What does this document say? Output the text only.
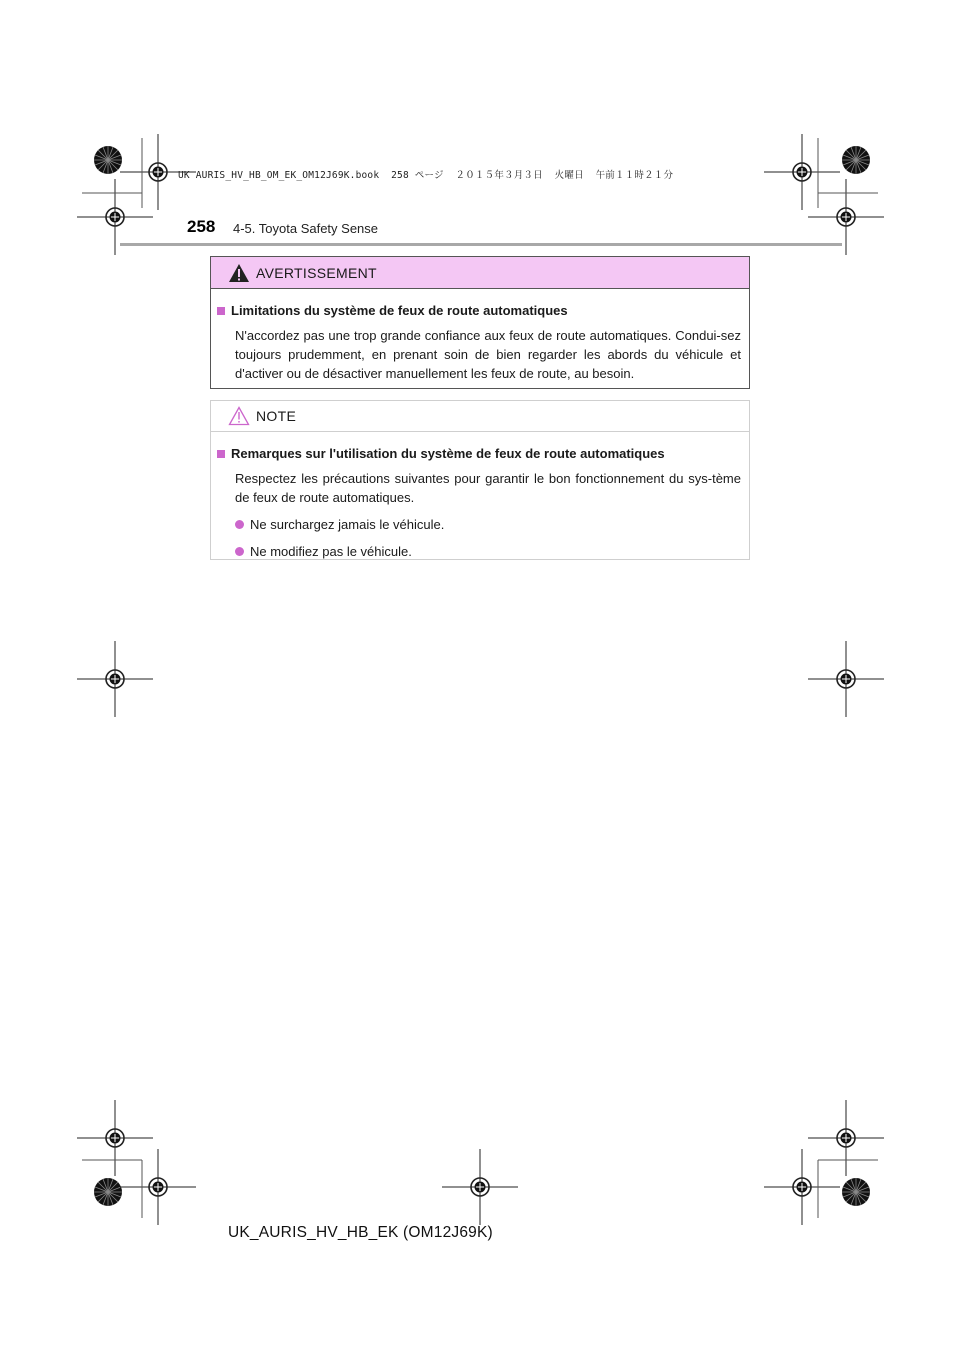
UK AURIS_HV_HB_OM_EK_OM12J69K.book  258 ページ  ２０１５年３月３日  火曜日  午前１１時２１分
258 4-5. Toyota Safety Sense
AVERTISSEMENT
Limitations du système de feux de route automatiques
N'accordez pas une trop grande confiance aux feux de route automatiques. Condui-sez toujours prudemment, en prenant soin de bien regarder les abords du véhicule et d'activer ou de désactiver manuellement les feux de route, au besoin.
NOTE
Remarques sur l'utilisation du système de feux de route automatiques
Respectez les précautions suivantes pour garantir le bon fonctionnement du sys-tème de feux de route automatiques.
Ne surchargez jamais le véhicule.
Ne modifiez pas le véhicule.
UK_AURIS_HV_HB_EK (OM12J69K)
